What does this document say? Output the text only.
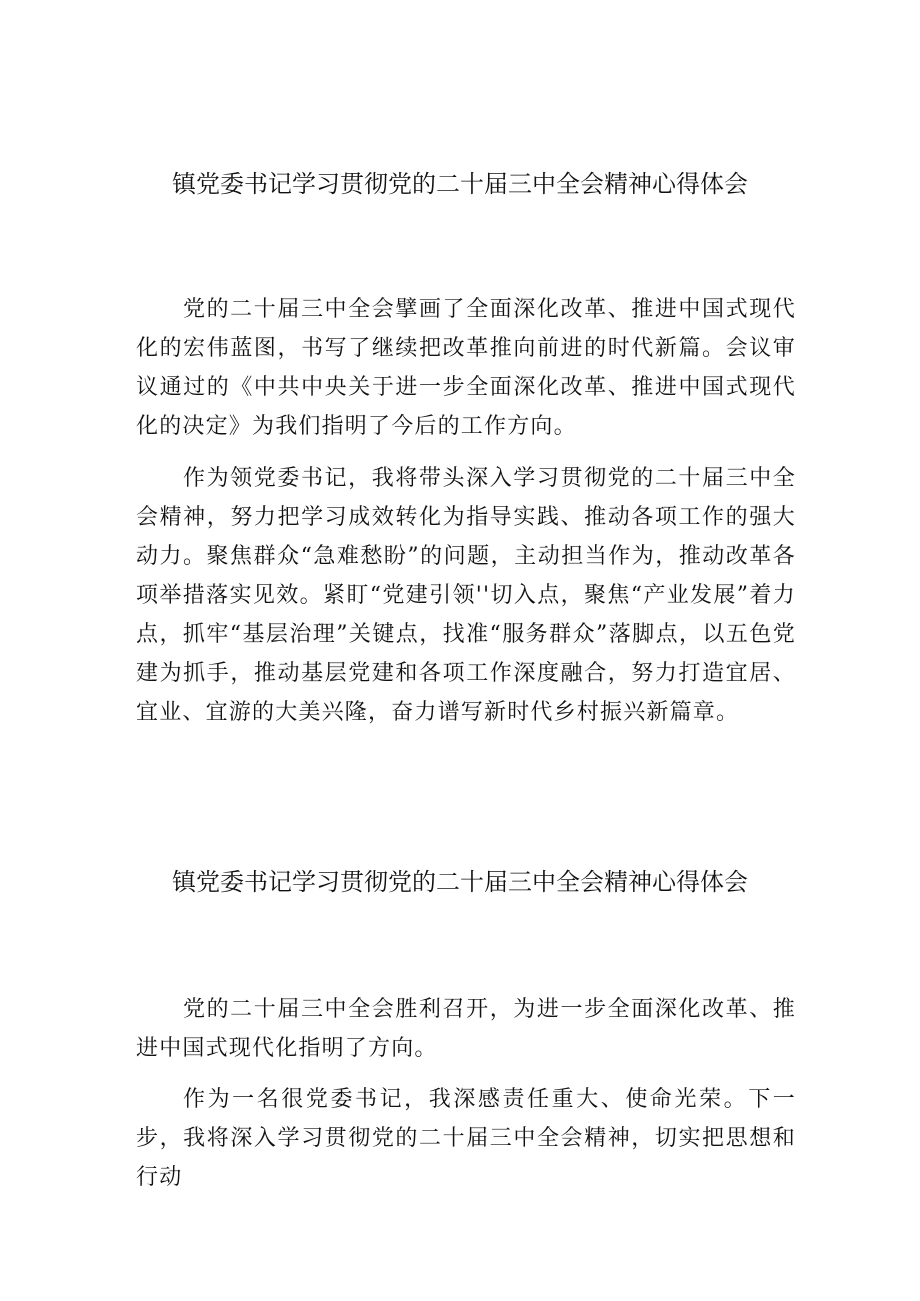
镇党委书记学习贯彻党的二十届三中全会精神心得体会

党的二十届三中全会擘画了全面深化改革、推进中国式现代化的宏伟蓝图，书写了继续把改革推向前进的时代新篇。会议审议通过的《中共中央关于进一步全面深化改革、推进中国式现代化的决定》为我们指明了今后的工作方向。

作为领党委书记，我将带头深入学习贯彻党的二十届三中全会精神，努力把学习成效转化为指导实践、推动各项工作的强大动力。聚焦群众“急难愁盼”的问题，主动担当作为，推动改革各项举措落实见效。紧盯“党建引领''切入点，聚焦“产业发展”着力点，抓牢“基层治理”关键点，找准“服务群众”落脚点，以五色党建为抓手，推动基层党建和各项工作深度融合，努力打造宜居、宜业、宜游的大美兴隆，奋力谱写新时代乡村振兴新篇章。

镇党委书记学习贯彻党的二十届三中全会精神心得体会

党的二十届三中全会胜利召开，为进一步全面深化改革、推进中国式现代化指明了方向。

作为一名很党委书记，我深感责任重大、使命光荣。下一步，我将深入学习贯彻党的二十届三中全会精神，切实把思想和行动
